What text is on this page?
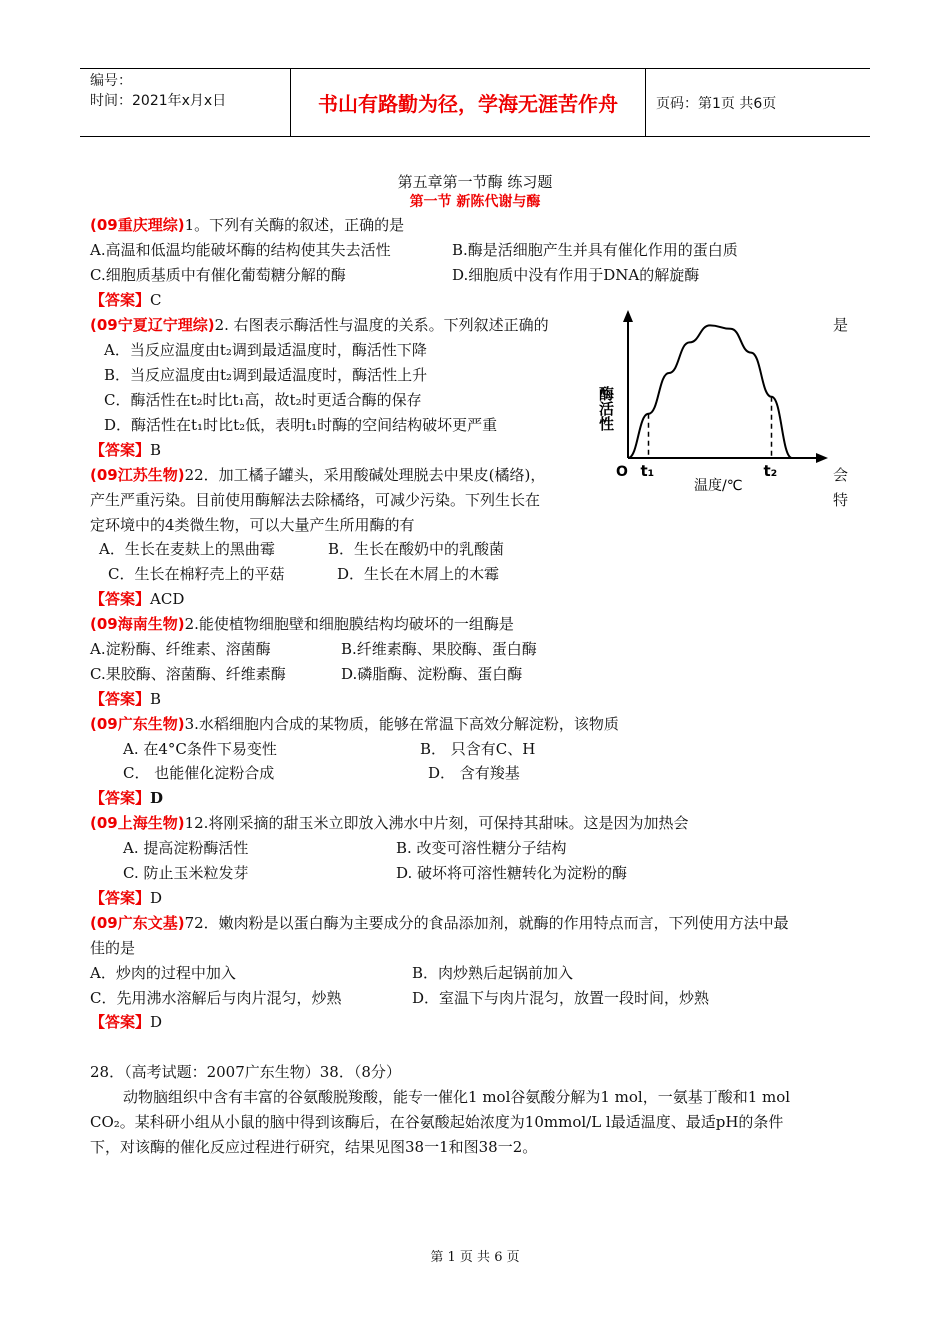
编号：
时间：2021年x月x日	书山有路勤为径，学海无涯苦作舟	页码：第1页 共6页
第五章第一节酶 练习题
第一节 新陈代谢与酶
(09重庆理综)1。下列有关酶的叙述，正确的是
A.高温和低温均能破坏酶的结构使其失去活性	B.酶是活细胞产生并具有催化作用的蛋白质
C.细胞质基质中有催化葡萄糖分解的酶	D.细胞质中没有作用于DNA的解旋酶
【答案】C
(09宁夏辽宁理综)2. 右图表示酶活性与温度的关系。下列叙述正确的	是
A．当反应温度由t₂调到最适温度时，酶活性下降
B．当反应温度由t₂调到最适温度时，酶活性上升
C．酶活性在t₂时比t₁高，故t₂时更适合酶的保存
D．酶活性在t₁时比t₂低，表明t₁时酶的空间结构破坏更严重
【答案】B
酶活性
O t₁	t₂
温度/℃
(09江苏生物)22．加工橘子罐头，采用酸碱处理脱去中果皮(橘络)，	会
产生严重污染。目前使用酶解法去除橘络，可减少污染。下列生长在	特
定环境中的4类微生物，可以大量产生所用酶的有
A．生长在麦麸上的黑曲霉	B．生长在酸奶中的乳酸菌
C．生长在棉籽壳上的平菇	D．生长在木屑上的木霉
【答案】ACD
(09海南生物)2.能使植物细胞壁和细胞膜结构均破坏的一组酶是
A.淀粉酶、纤维素、溶菌酶	B.纤维素酶、果胶酶、蛋白酶
C.果胶酶、溶菌酶、纤维素酶	D.磷脂酶、淀粉酶、蛋白酶
【答案】B
(09广东生物)3.水稻细胞内合成的某物质，能够在常温下高效分解淀粉，该物质
A. 在4°C条件下易变性	B． 只含有C、H
C． 也能催化淀粉合成	D． 含有羧基
【答案】D
(09上海生物)12.将刚采摘的甜玉米立即放入沸水中片刻，可保持其甜味。这是因为加热会
A. 提高淀粉酶活性	B. 改变可溶性糖分子结构
C. 防止玉米粒发芽	D. 破坏将可溶性糖转化为淀粉的酶
【答案】D
(09广东文基)72．嫩肉粉是以蛋白酶为主要成分的食品添加剂，就酶的作用特点而言，下列使用方法中最
佳的是
A．炒肉的过程中加入	B．肉炒熟后起锅前加入
C．先用沸水溶解后与肉片混匀，炒熟	D．室温下与肉片混匀，放置一段时间，炒熟
【答案】D
28．（高考试题：2007广东生物）38．（8分）
动物脑组织中含有丰富的谷氨酸脱羧酸，能专一催化1 mol谷氨酸分解为1 mol，一氨基丁酸和1 mol
CO₂。某科研小组从小鼠的脑中得到该酶后，在谷氨酸起始浓度为10mmol/L l最适温度、最适pH的条件
下，对该酶的催化反应过程进行研究，结果见图38一1和图38一2。
第 1 页 共 6 页
